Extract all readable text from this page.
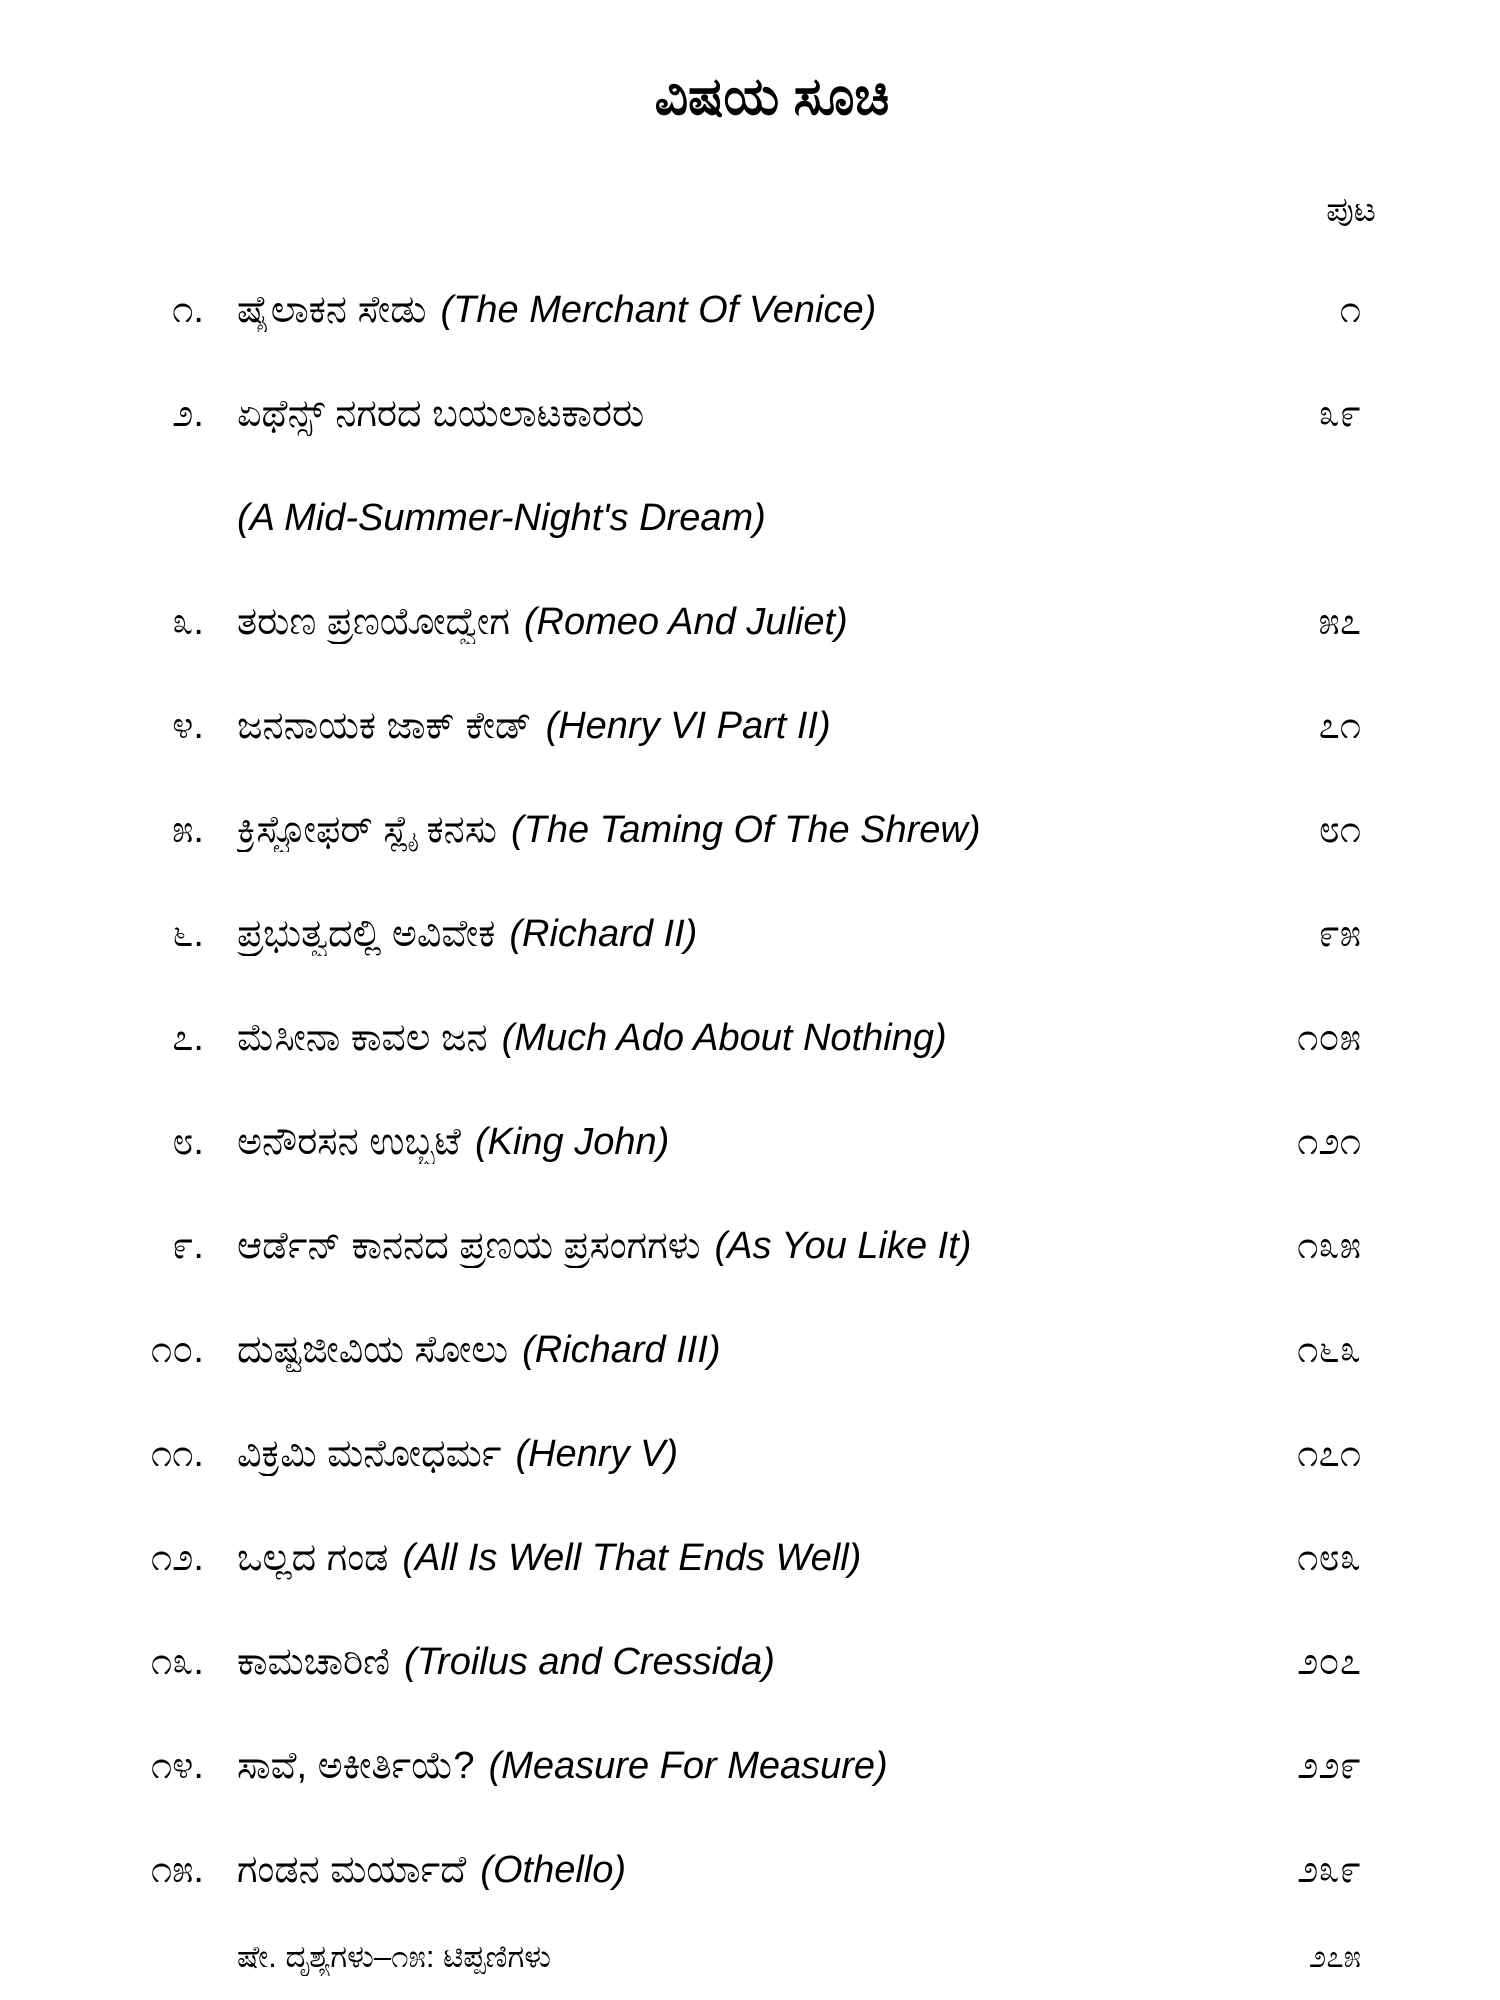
ವಿಷಯ ಸೂಚಿ
ಪುಟ
೧. ಷೈಲಾಕನ ಸೇಡು (The Merchant Of Venice)	೧
೨. ಏಥೆನ್ಸ್ ನಗರದ ಬಯಲಾಟಕಾರರು	೩೯
(A Mid-Summer-Night's Dream)
೩. ತರುಣ ಪ್ರಣಯೋದ್ವೇಗ (Romeo And Juliet)	೫೭
೪. ಜನನಾಯಕ ಜಾಕ್ ಕೇಡ್ (Henry VI Part II)	೭೧
೫. ಕ್ರಿಸ್ಟೋಫರ್ ಸ್ಲೈ ಕನಸು (The Taming Of The Shrew)	೮೧
೬. ಪ್ರಭುತ್ವದಲ್ಲಿ ಅವಿವೇಕ (Richard II)	೯೫
೭. ಮೆಸೀನಾ ಕಾವಲ ಜನ (Much Ado About Nothing)	೧೦೫
೮. ಅನೌರಸನ ಉಬ್ಬಟೆ (King John)	೧೨೧
೯. ಆರ್ಡೆನ್ ಕಾನನದ ಪ್ರಣಯ ಪ್ರಸಂಗಗಳು (As You Like It)	೧೩೫
೧೦. ದುಷ್ಟಜೀವಿಯ ಸೋಲು (Richard III)	೧೬೩
೧೧. ವಿಕ್ರಮಿ ಮನೋಧರ್ಮ (Henry V)	೧೭೧
೧೨. ಒಲ್ಲದ ಗಂಡ (All Is Well That Ends Well)	೧೮೩
೧೩. ಕಾಮಚಾರಿಣಿ (Troilus and Cressida)	೨೦೭
೧೪. ಸಾವೆ, ಅಕೀರ್ತಿಯೆ? (Measure For Measure)	೨೨೯
೧೫. ಗಂಡನ ಮರ್ಯಾದೆ (Othello)	೨೩೯
ಷೇ. ದೃಶ್ಯಗಳು–೧೫: ಟಿಪ್ಪಣಿಗಳು	೨೭೫
